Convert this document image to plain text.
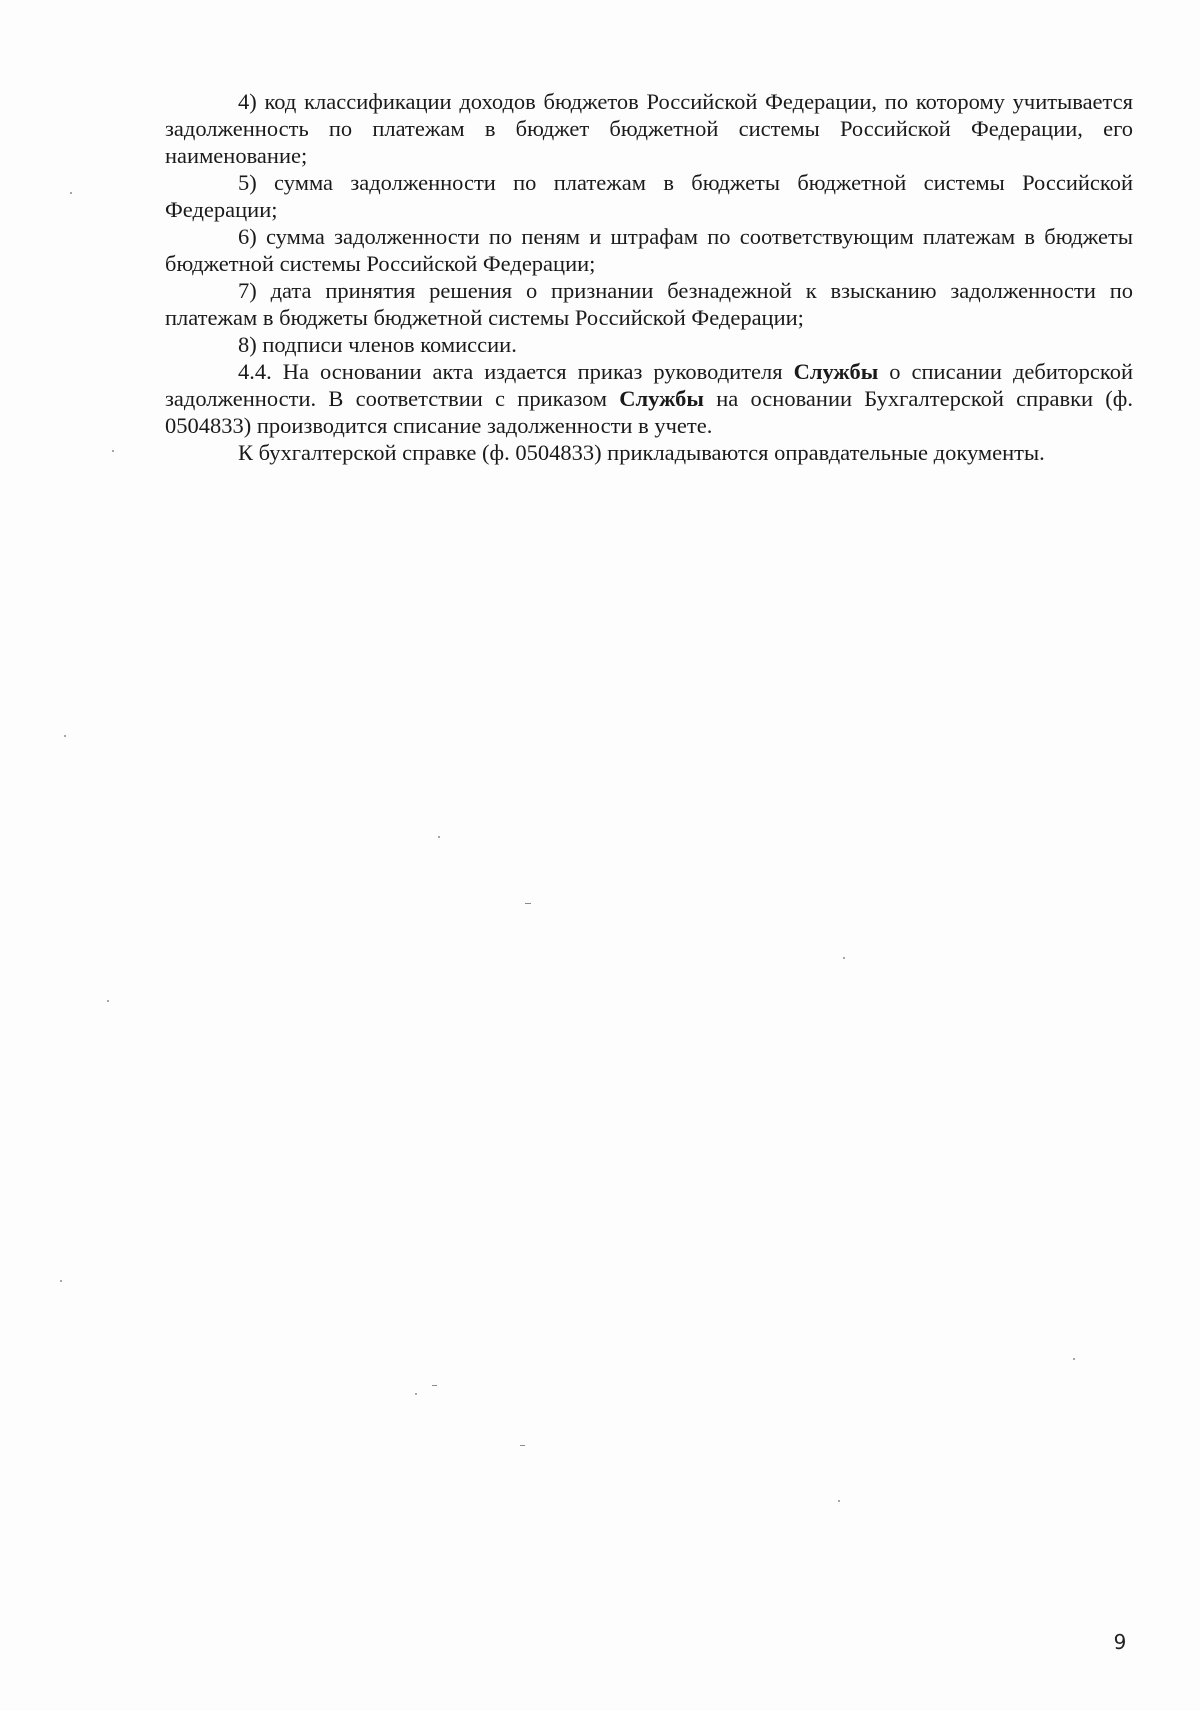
4) код классификации доходов бюджетов Российской Федерации, по которому учитывается задолженность по платежам в бюджет бюджетной системы Российской Федерации, его наименование;

5) сумма задолженности по платежам в бюджеты бюджетной системы Российской Федерации;

6) сумма задолженности по пеням и штрафам по соответствующим платежам в бюджеты бюджетной системы Российской Федерации;

7) дата принятия решения о признании безнадежной к взысканию задолженности по платежам в бюджеты бюджетной системы Российской Федерации;

8) подписи членов комиссии.

4.4. На основании акта издается приказ руководителя Службы о списании дебиторской задолженности. В соответствии с приказом Службы на основании Бухгалтерской справки (ф. 0504833) производится списание задолженности в учете.

К бухгалтерской справке (ф. 0504833) прикладываются оправдательные документы.

9
